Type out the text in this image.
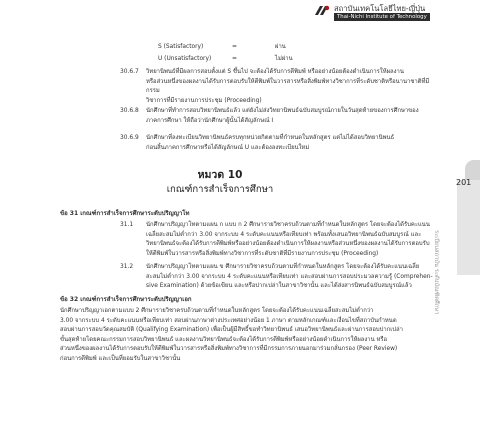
สถาบันเทคโนโลยีไทย-ญี่ปุ่น
Thai-Nichi Institute of Technology
201
ระเบียบสถาบัน ระดับบัณฑิตศึกษา
S (Satisfactory)	=	ผ่าน
U (Unsatisfactory)	=	ไม่ผ่าน
30.6.7 วิทยานิพนธ์ที่มีผลการสอบตั้งแต่ S ขึ้นไป จะต้องได้รับการตีพิมพ์ หรืออย่างน้อยต้องดำเนินการให้ผลงาน
หรือส่วนหนึ่งของผลงานได้รับการตอบรับให้ตีพิมพ์ในวารสารหรือสิ่งพิมพ์ทางวิชาการที่ระดับชาติหรือนานาชาติที่มีกรรม
วิชาการที่มีรายงานการประชุม (Proceeding)
30.6.8 นักศึกษาที่ทำการสอบวิทยานิพนธ์แล้ว แต่ยังไม่ส่งวิทยานิพนธ์ฉบับสมบูรณ์ภายในวันสุดท้ายของการศึกษาของ
ภาคการศึกษา ให้ถือว่านักศึกษาผู้นั้นได้สัญลักษณ์ I
30.6.9 นักศึกษาที่ลงทะเบียนวิทยานิพนธ์ครบทุกหน่วยกิตตามที่กำหนดในหลักสูตร แต่ไม่ได้สอบวิทยานิพนธ์
ก่อนสิ้นภาคการศึกษาหรือได้สัญลักษณ์ U และต้องลงทะเบียนใหม่
หมวด 10
เกณฑ์การสำเร็จการศึกษา
ข้อ 31 เกณฑ์การสำเร็จการศึกษาระดับปริญญาโท
31.1 นักศึกษาปริญญาโทตามแผน ก แบบ ก 2 ศึกษารายวิชาครบถ้วนตามที่กำหนดในหลักสูตร โดยจะต้องได้รับคะแนน
เฉลี่ยสะสมไม่ต่ำกว่า 3.00 จากระบบ 4 ระดับคะแนนหรือเทียบเท่า พร้อมทั้งเสนอวิทยานิพนธ์ฉบับสมบูรณ์ และ
วิทยานิพนธ์จะต้องได้รับการตีพิมพ์หรืออย่างน้อยต้องดำเนินการให้ผลงานหรือส่วนหนึ่งของผลงานได้รับการตอบรับ
ให้ตีพิมพ์ในวารสารหรือสิ่งพิมพ์ทางวิชาการที่ระดับชาติที่มีรายงานการประชุม (Proceeding)
31.2 นักศึกษาปริญญาโทตามแผน ข ศึกษารายวิชาครบถ้วนตามที่กำหนดในหลักสูตร โดยจะต้องได้รับคะแนนเฉลี่ย
สะสมไม่ต่ำกว่า 3.00 จากระบบ 4 ระดับคะแนนหรือเทียบเท่า และสอบผ่านการสอบประมวลความรู้ (Comprehen-
sive Examination) ด้วยข้อเขียน และหรือปากเปล่าในสาขาวิชานั้น และได้ส่งสารนิพนธ์ฉบับสมบูรณ์แล้ว
ข้อ 32 เกณฑ์การสำเร็จการศึกษาระดับปริญญาเอก
นักศึกษาปริญญาเอกตามแบบ 2 ศึกษารายวิชาครบถ้วนตามที่กำหนดในหลักสูตร โดยจะต้องได้รับคะแนนเฉลี่ยสะสมไม่ต่ำกว่า
3.00 จากระบบ 4 ระดับคะแนนหรือเทียบเท่า สอบผ่านภาษาต่างประเทศอย่างน้อย 1 ภาษา ตามหลักเกณฑ์และเงื่อนไขที่สถาบันกำหนด
สอบผ่านการสอบวัดคุณสมบัติ (Qualifying Examination) เพื่อเป็นผู้มีสิทธิ์ขอทำวิทยานิพนธ์ เสนอวิทยานิพนธ์และผ่านการสอบปากเปล่า
ขั้นสุดท้ายโดยคณะกรรมการสอบวิทยานิพนธ์ และผลงานวิทยานิพนธ์จะต้องได้รับการตีพิมพ์หรืออย่างน้อยดำเนินการให้ผลงาน หรือ
ส่วนหนึ่งของผลงานได้รับการตอบรับให้ตีพิมพ์ในวารสารหรือสิ่งพิมพ์ทางวิชาการที่มีกรรมการภายนอกมาร่วมกลั่นกรอง (Peer Review)
ก่อนการตีพิมพ์ และเป็นที่ยอมรับในสาขาวิชานั้น
